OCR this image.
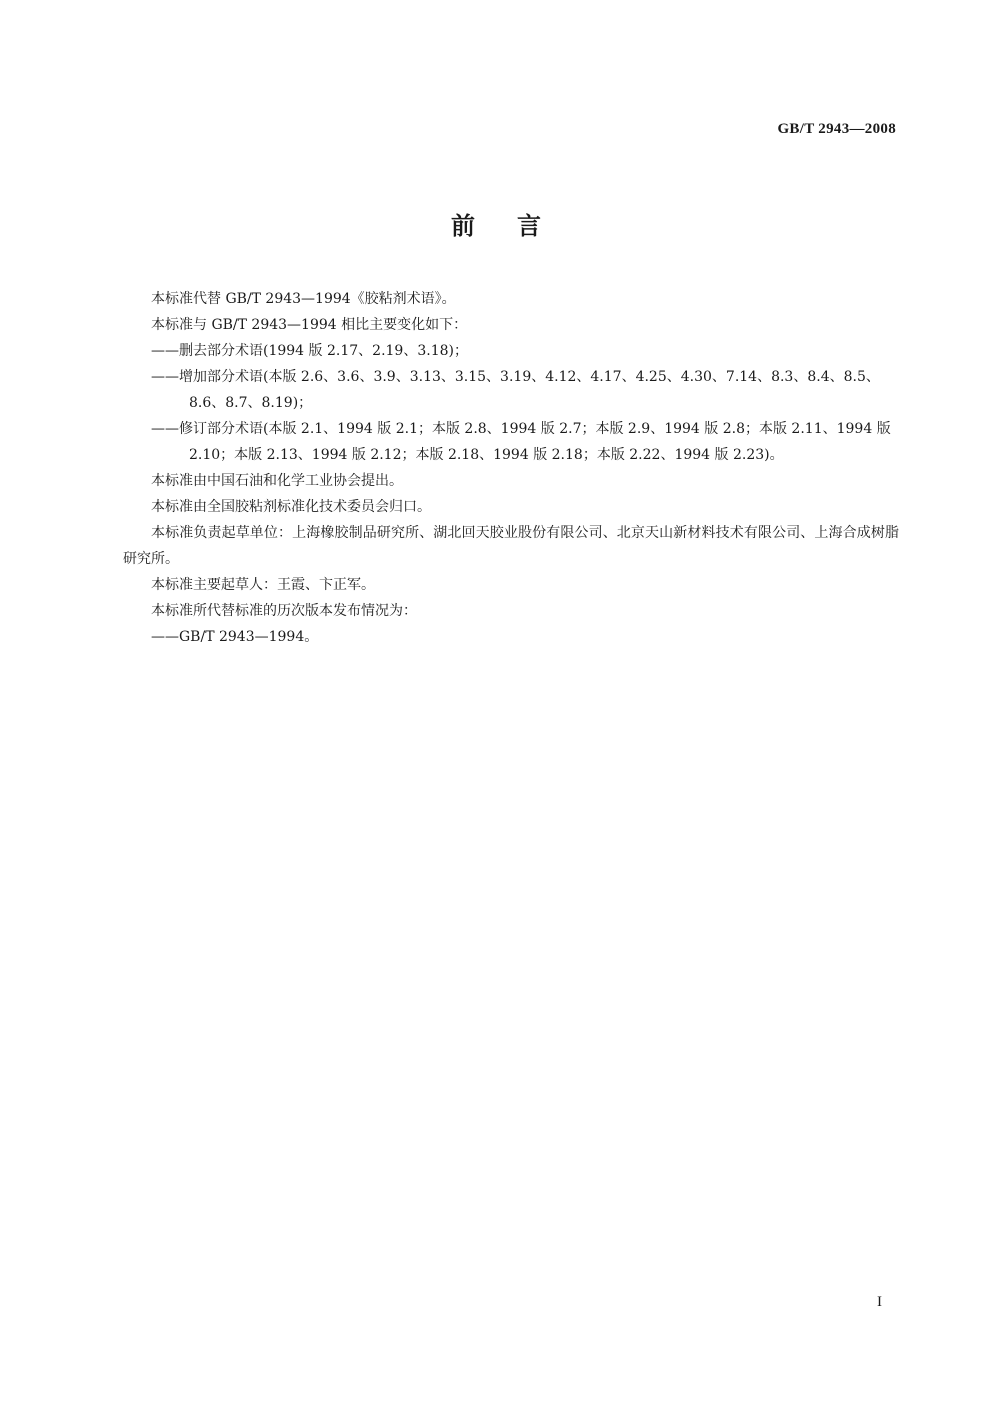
GB/T 2943—2008
前言

本标准代替 GB/T 2943—1994《胶粘剂术语》。

本标准与 GB/T 2943—1994 相比主要变化如下：

——删去部分术语(1994 版 2.17、2.19、3.18)；

——增加部分术语(本版 2.6、3.6、3.9、3.13、3.15、3.19、4.12、4.17、4.25、4.30、7.14、8.3、8.4、8.5、8.6、8.7、8.19)；

——修订部分术语(本版 2.1、1994 版 2.1；本版 2.8、1994 版 2.7；本版 2.9、1994 版 2.8；本版 2.11、1994 版 2.10；本版 2.13、1994 版 2.12；本版 2.18、1994 版 2.18；本版 2.22、1994 版 2.23)。

本标准由中国石油和化学工业协会提出。

本标准由全国胶粘剂标准化技术委员会归口。

本标准负责起草单位：上海橡胶制品研究所、湖北回天胶业股份有限公司、北京天山新材料技术有限公司、上海合成树脂研究所。

本标准主要起草人：王霞、卞正军。

本标准所代替标准的历次版本发布情况为：

——GB/T 2943—1994。

I
